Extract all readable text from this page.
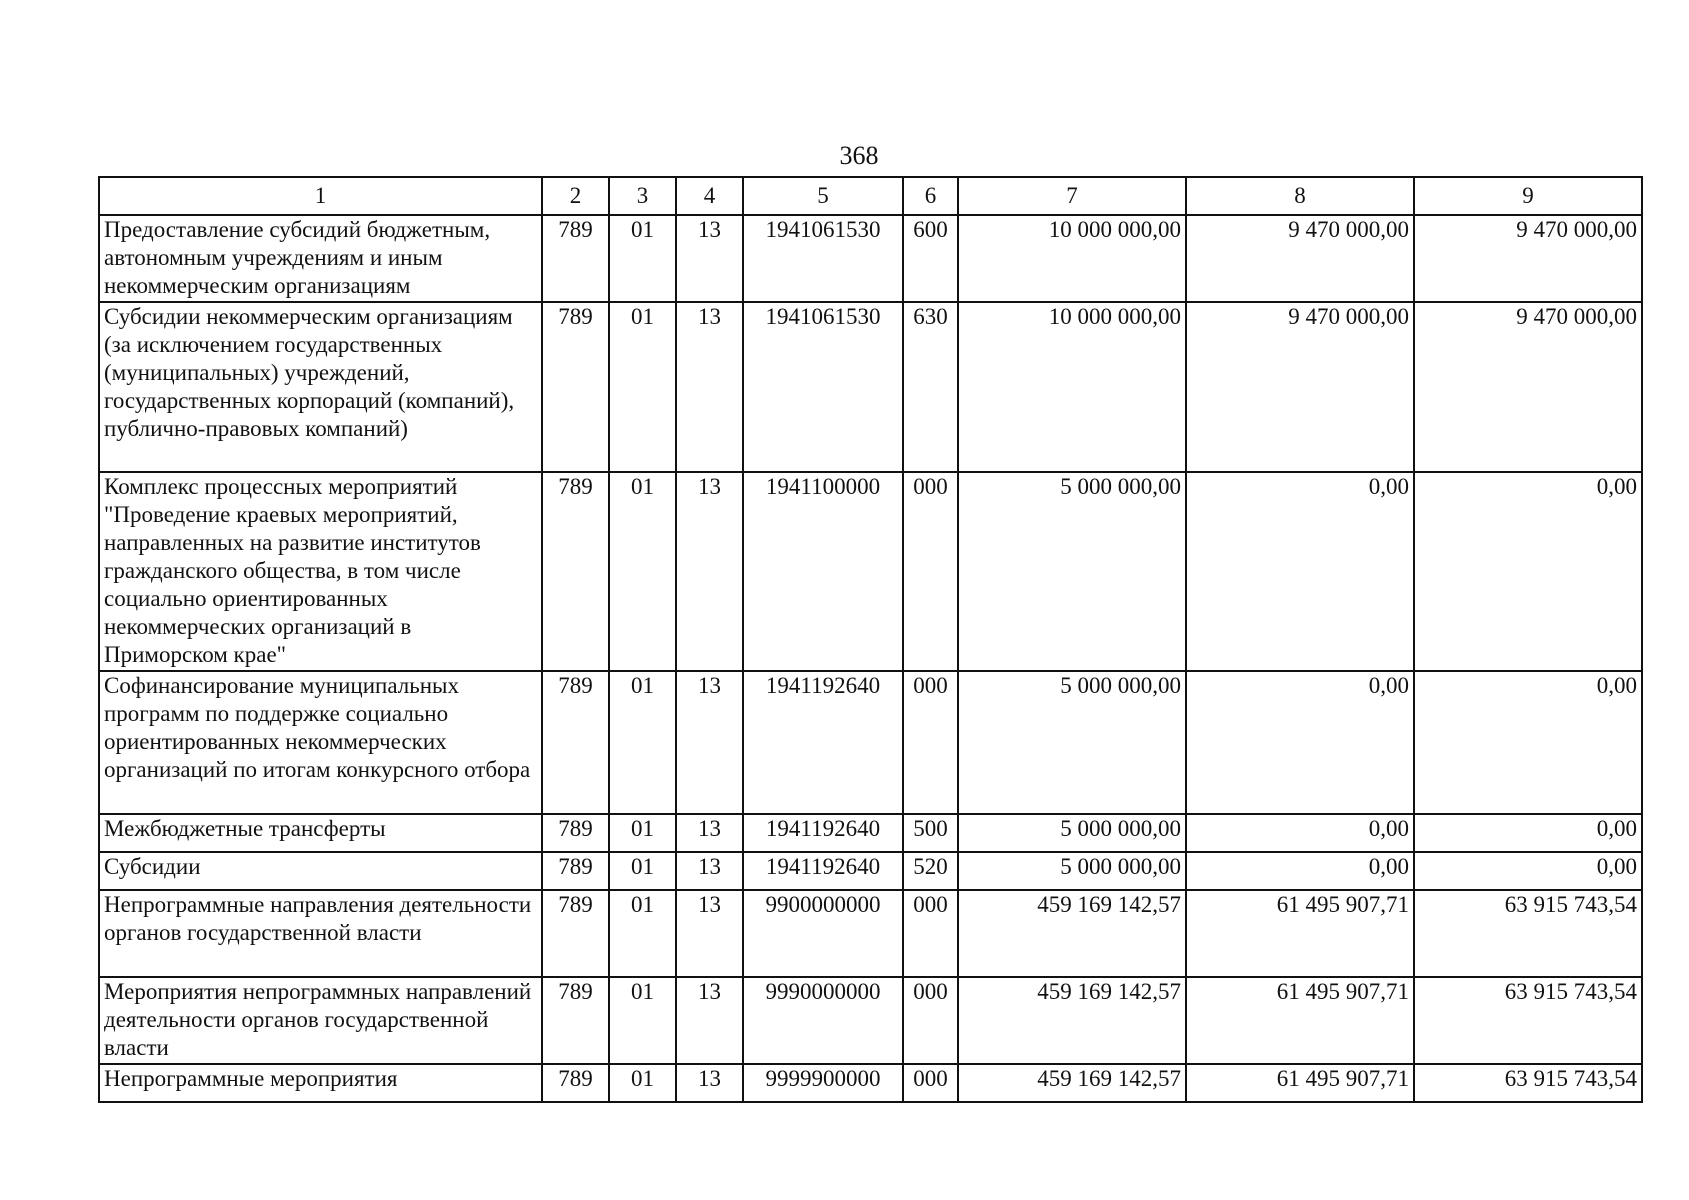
368
1	2	3	4	5	6	7	8	9
Предоставление субсидий бюджетным, автономным учреждениям и иным некоммерческим организациям	789	01	13	1941061530	600	10 000 000,00	9 470 000,00	9 470 000,00
Субсидии некоммерческим организациям (за исключением государственных (муниципальных) учреждений, государственных корпораций (компаний), публично-правовых компаний)	789	01	13	1941061530	630	10 000 000,00	9 470 000,00	9 470 000,00
Комплекс процессных мероприятий "Проведение краевых мероприятий, направленных на развитие институтов гражданского общества, в том числе социально ориентированных некоммерческих организаций в Приморском крае"	789	01	13	1941100000	000	5 000 000,00	0,00	0,00
Софинансирование муниципальных программ по поддержке социально ориентированных некоммерческих организаций по итогам конкурсного отбора	789	01	13	1941192640	000	5 000 000,00	0,00	0,00
Межбюджетные трансферты	789	01	13	1941192640	500	5 000 000,00	0,00	0,00
Субсидии	789	01	13	1941192640	520	5 000 000,00	0,00	0,00
Непрограммные направления деятельности органов государственной власти	789	01	13	9900000000	000	459 169 142,57	61 495 907,71	63 915 743,54
Мероприятия непрограммных направлений деятельности органов государственной власти	789	01	13	9990000000	000	459 169 142,57	61 495 907,71	63 915 743,54
Непрограммные мероприятия	789	01	13	9999900000	000	459 169 142,57	61 495 907,71	63 915 743,54
